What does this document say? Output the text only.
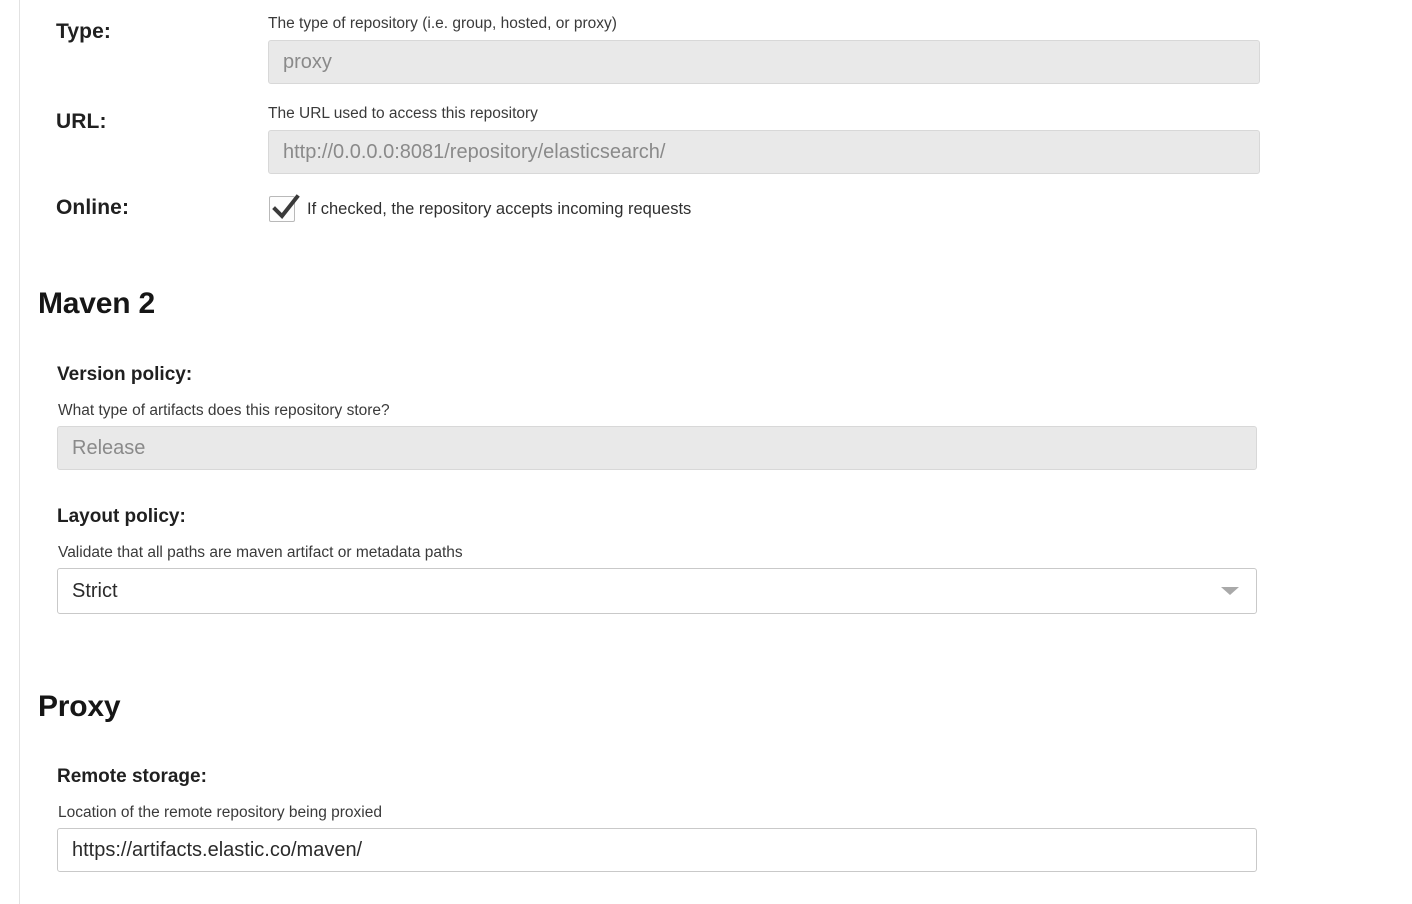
Type:	The type of repository (i.e. group, hosted, or proxy)
proxy
URL:	The URL used to access this repository
http://0.0.0.0:8081/repository/elasticsearch/
Online:	If checked, the repository accepts incoming requests
Maven 2
Version policy:
What type of artifacts does this repository store?
Release
Layout policy:
Validate that all paths are maven artifact or metadata paths
Strict
Proxy
Remote storage:
Location of the remote repository being proxied
https://artifacts.elastic.co/maven/
